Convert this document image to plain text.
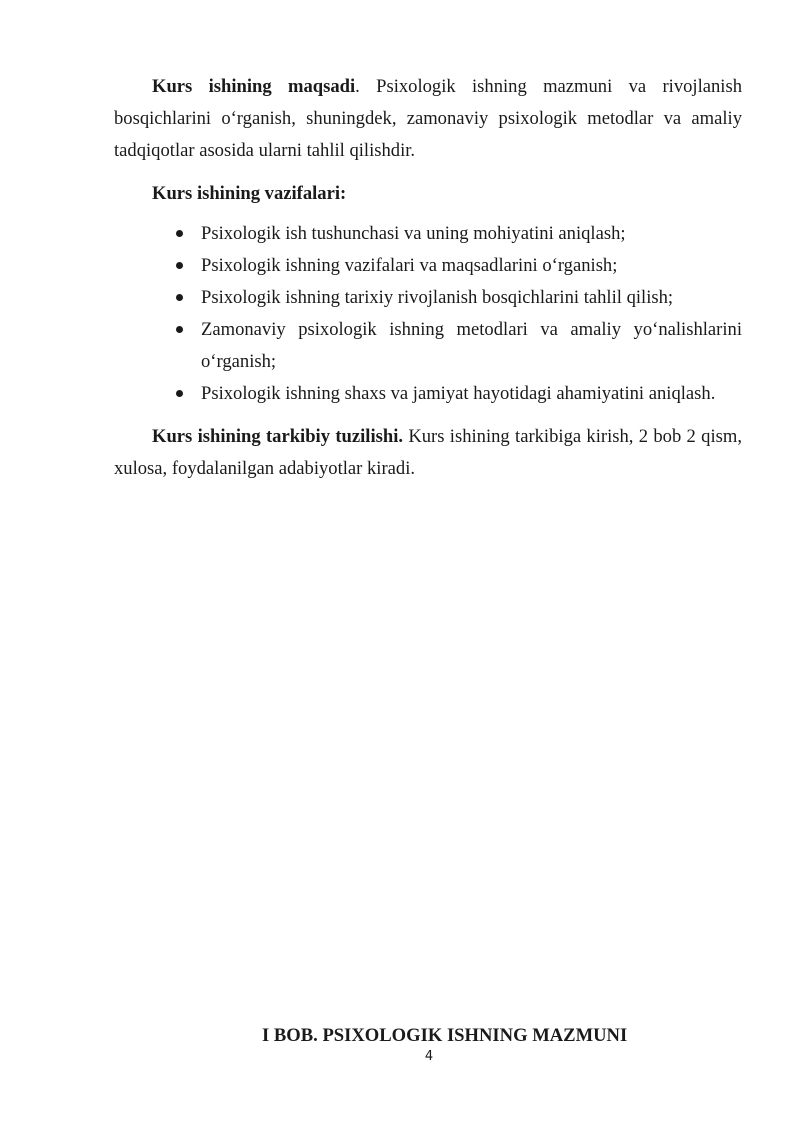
Kurs ishining maqsadi. Psixologik ishning mazmuni va rivojlanish bosqichlarini o‘rganish, shuningdek, zamonaviy psixologik metodlar va amaliy tadqiqotlar asosida ularni tahlil qilishdir.

Kurs ishining vazifalari:

Psixologik ish tushunchasi va uning mohiyatini aniqlash;
Psixologik ishning vazifalari va maqsadlarini o‘rganish;
Psixologik ishning tarixiy rivojlanish bosqichlarini tahlil qilish;
Zamonaviy psixologik ishning metodlari va amaliy yo‘nalishlarini o‘rganish;
Psixologik ishning shaxs va jamiyat hayotidagi ahamiyatini aniqlash.

Kurs ishining tarkibiy tuzilishi. Kurs ishining tarkibiga kirish, 2 bob 2 qism, xulosa, foydalanilgan adabiyotlar kiradi.

I BOB. PSIXOLOGIK ISHNING MAZMUNI
4
